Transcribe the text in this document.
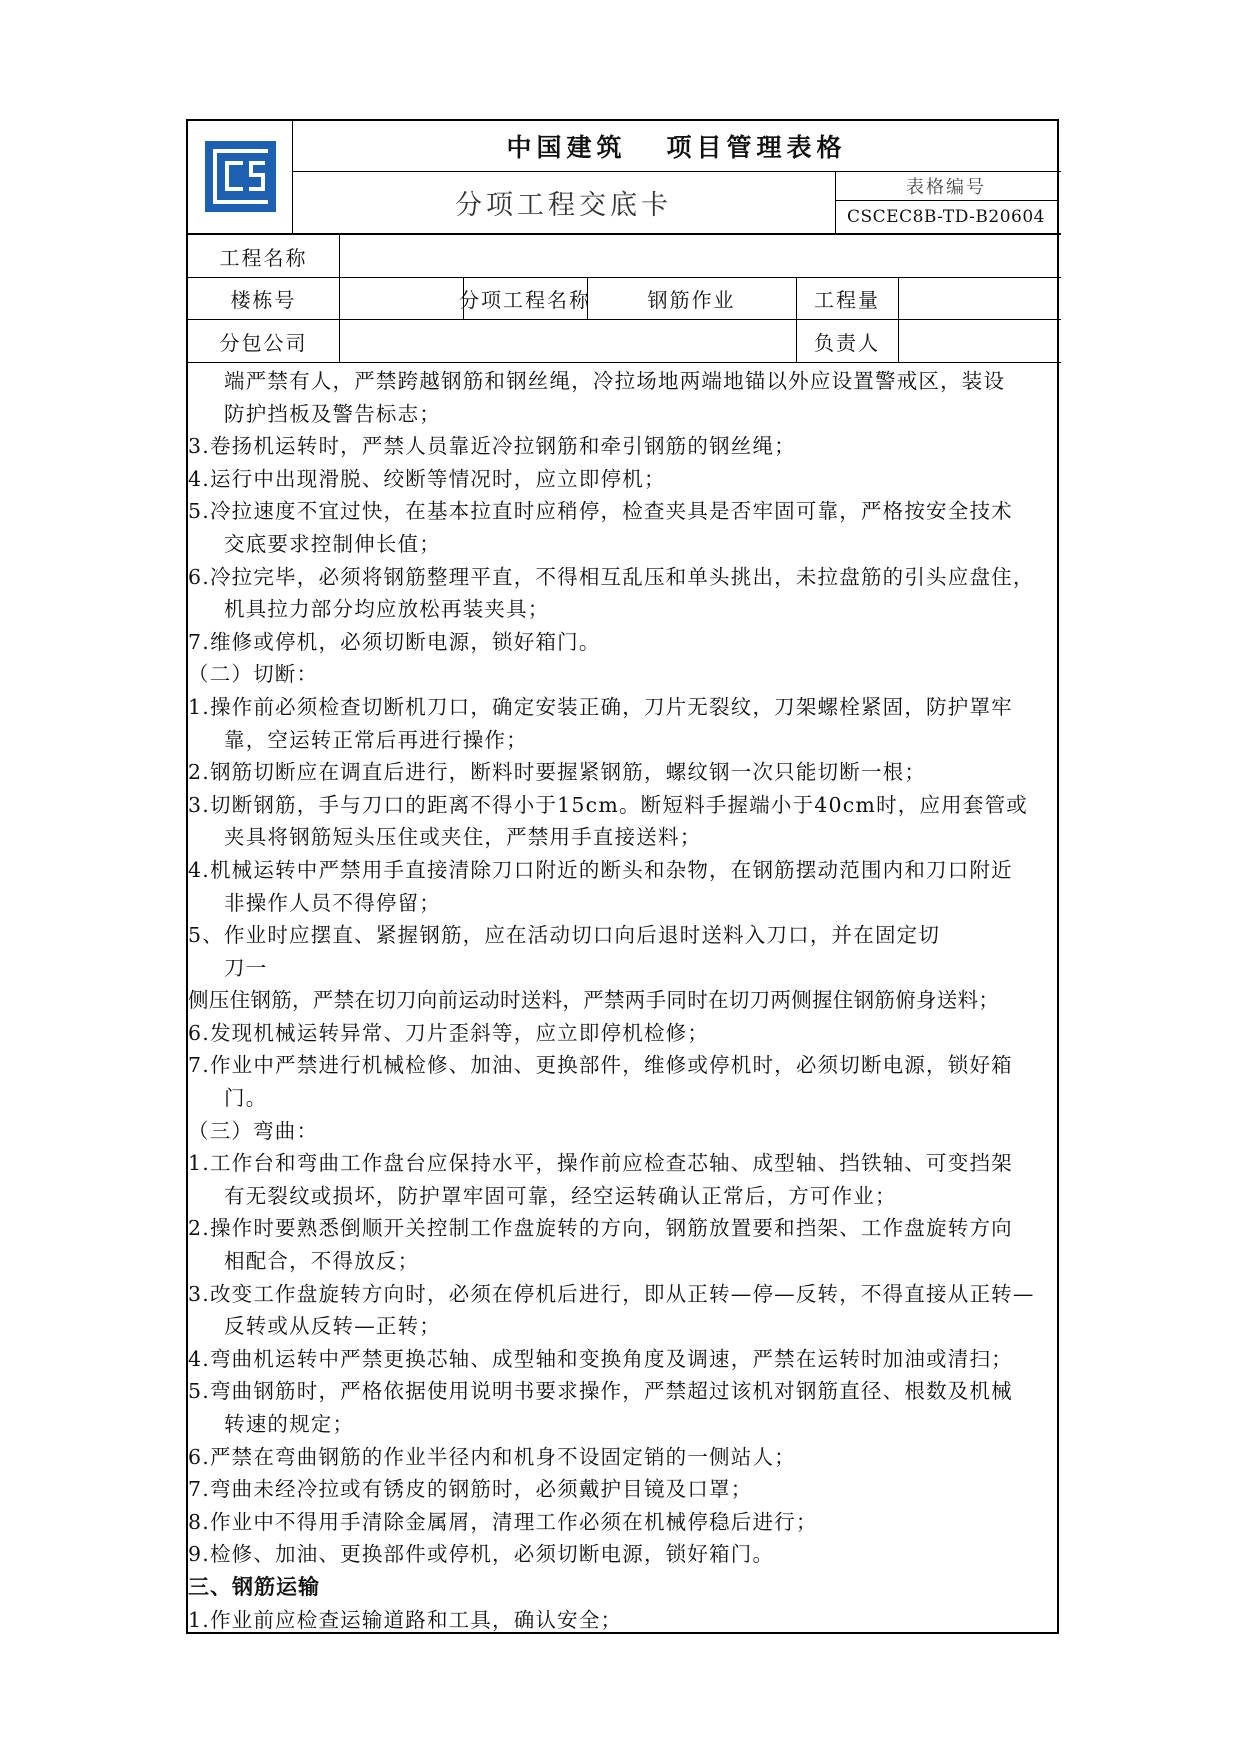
中国建筑 项目管理表格
分项工程交底卡
表格编号
CSCEC8B-TD-B20604
工程名称
楼栋号	分项工程名称	钢筋作业	工程量
分包公司	负责人
端严禁有人，严禁跨越钢筋和钢丝绳，冷拉场地两端地锚以外应设置警戒区，装设
防护挡板及警告标志；
3.卷扬机运转时，严禁人员靠近冷拉钢筋和牵引钢筋的钢丝绳；
4.运行中出现滑脱、绞断等情况时，应立即停机；
5.冷拉速度不宜过快，在基本拉直时应稍停，检查夹具是否牢固可靠，严格按安全技术
交底要求控制伸长值；
6.冷拉完毕，必须将钢筋整理平直，不得相互乱压和单头挑出，未拉盘筋的引头应盘住，
机具拉力部分均应放松再装夹具；
7.维修或停机，必须切断电源，锁好箱门。
（二）切断：
1.操作前必须检查切断机刀口，确定安装正确，刀片无裂纹，刀架螺栓紧固，防护罩牢
靠，空运转正常后再进行操作；
2.钢筋切断应在调直后进行，断料时要握紧钢筋，螺纹钢一次只能切断一根；
3.切断钢筋，手与刀口的距离不得小于15cm。断短料手握端小于40cm时，应用套管或
夹具将钢筋短头压住或夹住，严禁用手直接送料；
4.机械运转中严禁用手直接清除刀口附近的断头和杂物，在钢筋摆动范围内和刀口附近
非操作人员不得停留；
5、作业时应摆直、紧握钢筋，应在活动切口向后退时送料入刀口，并在固定切
刀一
侧压住钢筋，严禁在切刀向前运动时送料，严禁两手同时在切刀两侧握住钢筋俯身送料；
6.发现机械运转异常、刀片歪斜等，应立即停机检修；
7.作业中严禁进行机械检修、加油、更换部件，维修或停机时，必须切断电源，锁好箱
门。
（三）弯曲：
1.工作台和弯曲工作盘台应保持水平，操作前应检查芯轴、成型轴、挡铁轴、可变挡架
有无裂纹或损坏，防护罩牢固可靠，经空运转确认正常后，方可作业；
2.操作时要熟悉倒顺开关控制工作盘旋转的方向，钢筋放置要和挡架、工作盘旋转方向
相配合，不得放反；
3.改变工作盘旋转方向时，必须在停机后进行，即从正转—停—反转，不得直接从正转—
反转或从反转—正转；
4.弯曲机运转中严禁更换芯轴、成型轴和变换角度及调速，严禁在运转时加油或清扫；
5.弯曲钢筋时，严格依据使用说明书要求操作，严禁超过该机对钢筋直径、根数及机械
转速的规定；
6.严禁在弯曲钢筋的作业半径内和机身不设固定销的一侧站人；
7.弯曲未经冷拉或有锈皮的钢筋时，必须戴护目镜及口罩；
8.作业中不得用手清除金属屑，清理工作必须在机械停稳后进行；
9.检修、加油、更换部件或停机，必须切断电源，锁好箱门。
三、钢筋运输
1.作业前应检查运输道路和工具，确认安全；
